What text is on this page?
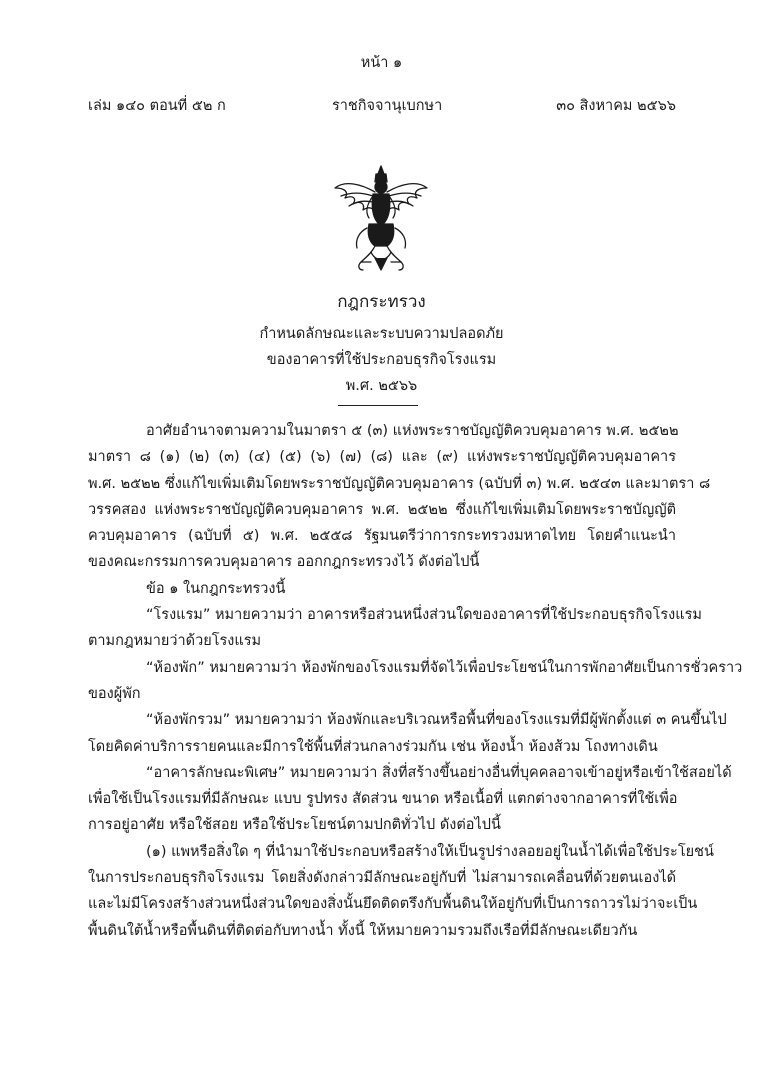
หน้า ๑
เล่ม ๑๔๐ ตอนที่ ๕๒ ก	ราชกิจจานุเบกษา	๓๐ สิงหาคม ๒๕๖๖
กฎกระทรวง
กำหนดลักษณะและระบบความปลอดภัย
ของอาคารที่ใช้ประกอบธุรกิจโรงแรม
พ.ศ. ๒๕๖๖
อาศัยอำนาจตามความในมาตรา ๕ (๓) แห่งพระราชบัญญัติควบคุมอาคาร พ.ศ. ๒๕๒๒
มาตรา ๘ (๑) (๒) (๓) (๔) (๕) (๖) (๗) (๘) และ (๙) แห่งพระราชบัญญัติควบคุมอาคาร
พ.ศ. ๒๕๒๒ ซึ่งแก้ไขเพิ่มเติมโดยพระราชบัญญัติควบคุมอาคาร (ฉบับที่ ๓) พ.ศ. ๒๕๔๓ และมาตรา ๘
วรรคสอง แห่งพระราชบัญญัติควบคุมอาคาร พ.ศ. ๒๕๒๒ ซึ่งแก้ไขเพิ่มเติมโดยพระราชบัญญัติ
ควบคุมอาคาร (ฉบับที่ ๕) พ.ศ. ๒๕๕๘ รัฐมนตรีว่าการกระทรวงมหาดไทย โดยคำแนะนำ
ของคณะกรรมการควบคุมอาคาร ออกกฎกระทรวงไว้ ดังต่อไปนี้
ข้อ ๑ ในกฎกระทรวงนี้
“โรงแรม” หมายความว่า อาคารหรือส่วนหนึ่งส่วนใดของอาคารที่ใช้ประกอบธุรกิจโรงแรม
ตามกฎหมายว่าด้วยโรงแรม
“ห้องพัก” หมายความว่า ห้องพักของโรงแรมที่จัดไว้เพื่อประโยชน์ในการพักอาศัยเป็นการชั่วคราว
ของผู้พัก
“ห้องพักรวม” หมายความว่า ห้องพักและบริเวณหรือพื้นที่ของโรงแรมที่มีผู้พักตั้งแต่ ๓ คนขึ้นไป
โดยคิดค่าบริการรายคนและมีการใช้พื้นที่ส่วนกลางร่วมกัน เช่น ห้องน้ำ ห้องส้วม โถงทางเดิน
“อาคารลักษณะพิเศษ” หมายความว่า สิ่งที่สร้างขึ้นอย่างอื่นที่บุคคลอาจเข้าอยู่หรือเข้าใช้สอยได้
เพื่อใช้เป็นโรงแรมที่มีลักษณะ แบบ รูปทรง สัดส่วน ขนาด หรือเนื้อที่ แตกต่างจากอาคารที่ใช้เพื่อ
การอยู่อาศัย หรือใช้สอย หรือใช้ประโยชน์ตามปกติทั่วไป ดังต่อไปนี้
(๑) แพหรือสิ่งใด ๆ ที่นำมาใช้ประกอบหรือสร้างให้เป็นรูปร่างลอยอยู่ในน้ำได้เพื่อใช้ประโยชน์
ในการประกอบธุรกิจโรงแรม โดยสิ่งดังกล่าวมีลักษณะอยู่กับที่ ไม่สามารถเคลื่อนที่ด้วยตนเองได้
และไม่มีโครงสร้างส่วนหนึ่งส่วนใดของสิ่งนั้นยึดติดตรึงกับพื้นดินให้อยู่กับที่เป็นการถาวรไม่ว่าจะเป็น
พื้นดินใต้น้ำหรือพื้นดินที่ติดต่อกับทางน้ำ ทั้งนี้ ให้หมายความรวมถึงเรือที่มีลักษณะเดียวกัน
